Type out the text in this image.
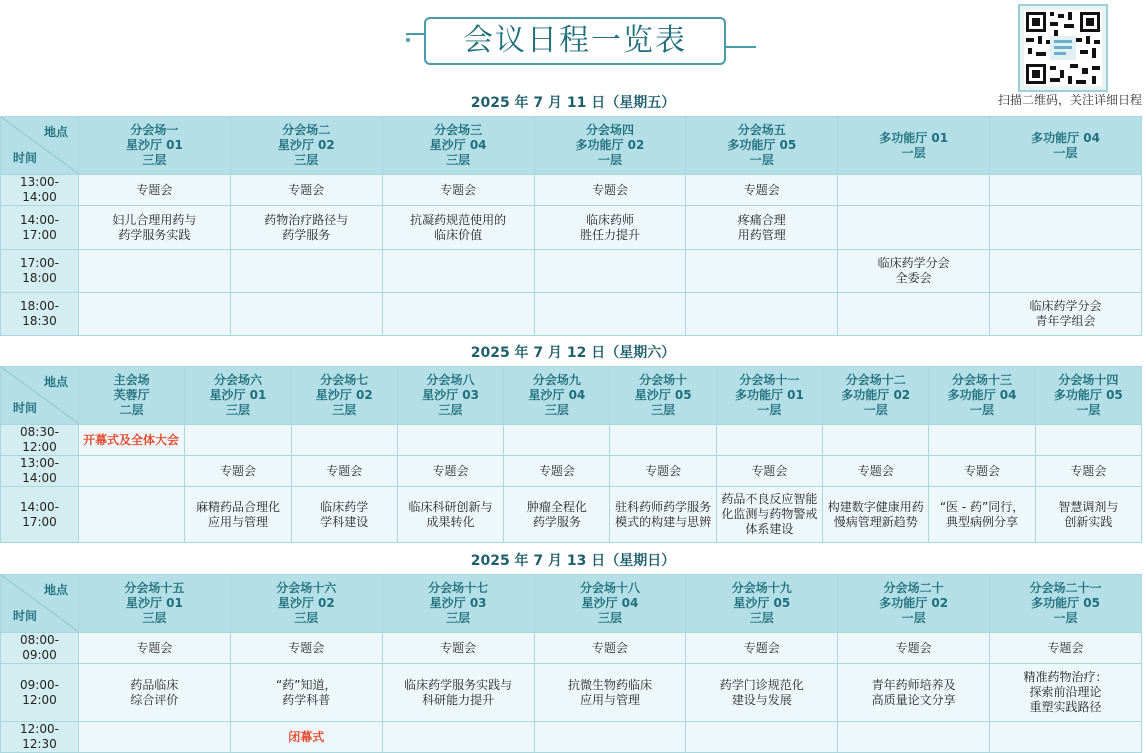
会议日程一览表
扫描二维码，关注详细日程
2025 年 7 月 11 日（星期五）
地点
时间	分会场一
星沙厅 01
三层	分会场二
星沙厅 02
三层	分会场三
星沙厅 04
三层	分会场四
多功能厅 02
一层	分会场五
多功能厅 05
一层	多功能厅 01
一层	多功能厅 04
一层

13:00-14:00	专题会	专题会	专题会	专题会	专题会		

14:00-17:00	妇儿合理用药与
药学服务实践	药物治疗路径与
药学服务	抗凝药规范使用的
临床价值	临床药师
胜任力提升	疼痛合理
用药管理		

17:00-18:00						临床药学分会
全委会	

18:00-18:30							临床药学分会
青年学组会
2025 年 7 月 12 日（星期六）
地点
时间	主会场
芙蓉厅
二层	分会场六
星沙厅 01
三层	分会场七
星沙厅 02
三层	分会场八
星沙厅 03
三层	分会场九
星沙厅 04
三层	分会场十
星沙厅 05
三层	分会场十一
多功能厅 01
一层	分会场十二
多功能厅 02
一层	分会场十三
多功能厅 04
一层	分会场十四
多功能厅 05
一层

08:30-12:00	开幕式及全体大会									
13:00-14:00		专题会	专题会	专题会	专题会	专题会	专题会	专题会	专题会	专题会

14:00-17:00		麻精药品合理化
应用与管理	临床药学
学科建设	临床科研创新与
成果转化	肿瘤全程化
药学服务	驻科药师药学服务
模式的构建与思辨	药品不良反应智能
化监测与药物警戒
体系建设	构建数字健康用药
慢病管理新趋势	“医 - 药”同行，
典型病例分享	智慧调剂与
创新实践
2025 年 7 月 13 日（星期日）
地点
时间	分会场十五
星沙厅 01
三层	分会场十六
星沙厅 02
三层	分会场十七
星沙厅 03
三层	分会场十八
星沙厅 04
三层	分会场十九
星沙厅 05
三层	分会场二十
多功能厅 02
一层	分会场二十一
多功能厅 05
一层

08:00-09:00	专题会	专题会	专题会	专题会	专题会	专题会	专题会

09:00-12:00	药品临床
综合评价	“药”知道，
药学科普	临床药学服务实践与
科研能力提升	抗微生物药临床
应用与管理	药学门诊规范化
建设与发展	青年药师培养及
高质量论文分享	精准药物治疗：
探索前沿理论
重塑实践路径

12:00-12:30		闭幕式					
